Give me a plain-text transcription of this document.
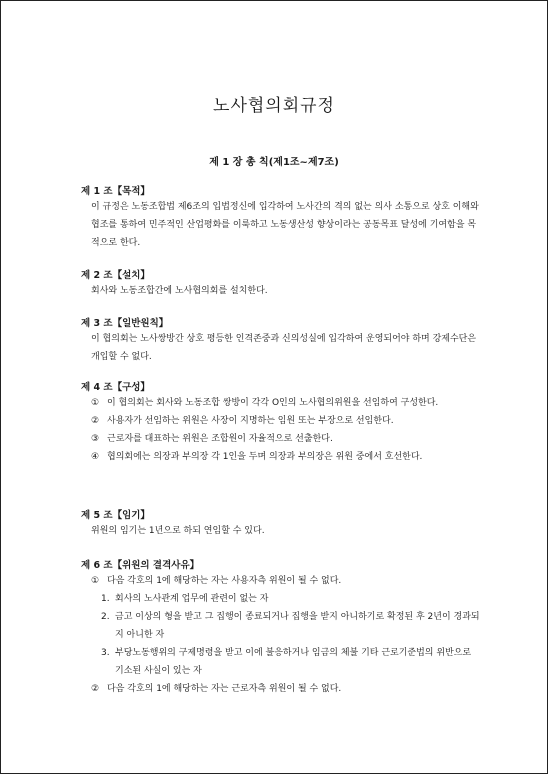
노사협의회규정
제 1 장 총 칙(제1조~제7조)

제 1 조【목적】

이 규정은 노동조합법 제6조의 입법정신에 입각하여 노사간의 격의 없는 의사 소통으로 상호 이해와 협조를 통하여 민주적인 산업평화를 이룩하고 노동생산성 향상이라는 공동목표 달성에 기여함을 목적으로 한다.

제 2 조【설치】

회사와 노동조합간에 노사협의회를 설치한다.

제 3 조【일반원칙】

이 협의회는 노사쌍방간 상호 평등한 인격존중과 신의성실에 입각하여 운영되어야 하며 강제수단은 개입할 수 없다.

제 4 조【구성】

① 이 협의회는 회사와 노동조합 쌍방이 각각 O인의 노사협의위원을 선임하여 구성한다.
② 사용자가 선임하는 위원은 사장이 지명하는 임원 또는 부장으로 선임한다.
③ 근로자를 대표하는 위원은 조합원이 자율적으로 선출한다.
④ 협의회에는 의장과 부의장 각 1인을 두며 의장과 부의장은 위원 중에서 호선한다.

제 5 조【임기】

위원의 임기는 1년으로 하되 연임할 수 있다.

제 6 조【위원의 결격사유】

① 다음 각호의 1에 해당하는 자는 사용자측 위원이 될 수 없다.
1. 회사의 노사관계 업무에 관련이 없는 자
2. 금고 이상의 형을 받고 그 집행이 종료되거나 집행을 받지 아니하기로 확정된 후 2년이 경과되지 아니한 자
3. 부당노동행위의 구제명령을 받고 이에 불응하거나 임금의 체불 기타 근로기준법의 위반으로 기소된 사실이 있는 자
② 다음 각호의 1에 해당하는 자는 근로자측 위원이 될 수 없다.
